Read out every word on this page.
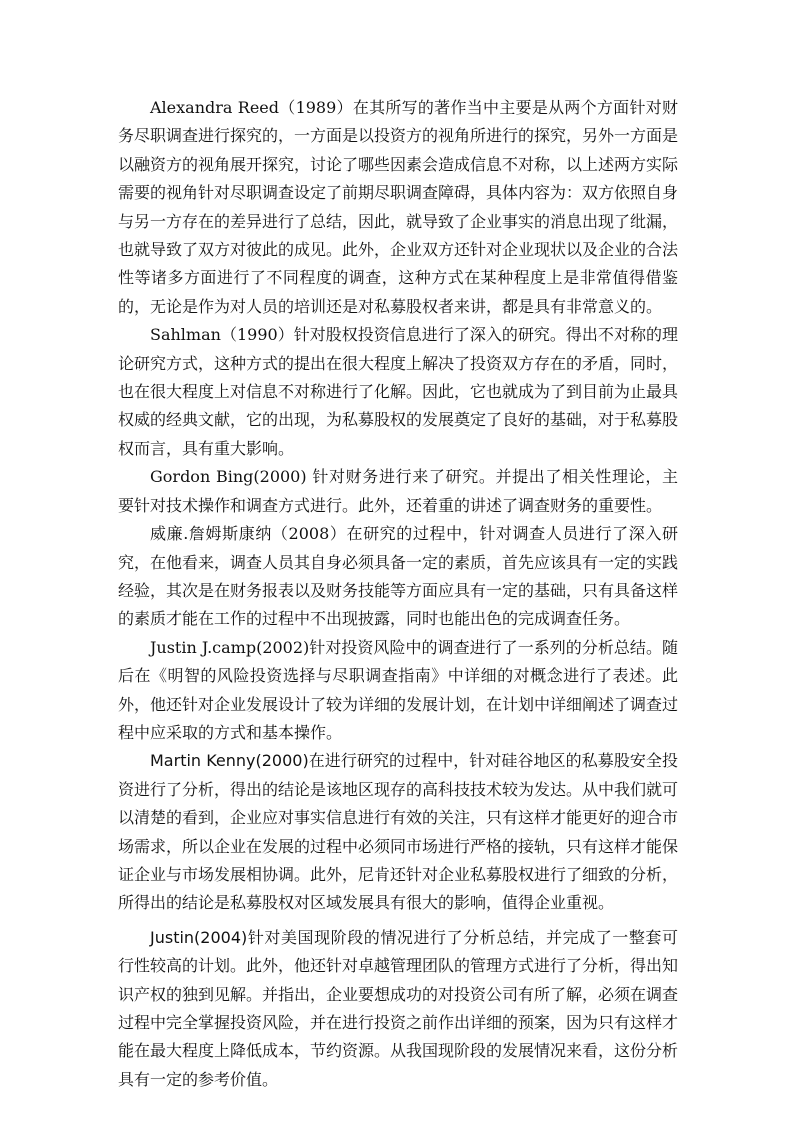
Alexandra Reed（1989）在其所写的著作当中主要是从两个方面针对财务尽职调查进行探究的，一方面是以投资方的视角所进行的探究，另外一方面是以融资方的视角展开探究，讨论了哪些因素会造成信息不对称，以上述两方实际需要的视角针对尽职调查设定了前期尽职调查障碍，具体内容为：双方依照自身与另一方存在的差异进行了总结，因此，就导致了企业事实的消息出现了纰漏，也就导致了双方对彼此的成见。此外，企业双方还针对企业现状以及企业的合法性等诸多方面进行了不同程度的调查，这种方式在某种程度上是非常值得借鉴的，无论是作为对人员的培训还是对私募股权者来讲，都是具有非常意义的。

Sahlman（1990）针对股权投资信息进行了深入的研究。得出不对称的理论研究方式，这种方式的提出在很大程度上解决了投资双方存在的矛盾，同时，也在很大程度上对信息不对称进行了化解。因此，它也就成为了到目前为止最具权威的经典文献，它的出现，为私募股权的发展奠定了良好的基础，对于私募股权而言，具有重大影响。

Gordon Bing(2000) 针对财务进行来了研究。并提出了相关性理论，主要针对技术操作和调查方式进行。此外，还着重的讲述了调查财务的重要性。

威廉.詹姆斯康纳（2008）在研究的过程中，针对调查人员进行了深入研究，在他看来，调查人员其自身必须具备一定的素质，首先应该具有一定的实践经验，其次是在财务报表以及财务技能等方面应具有一定的基础，只有具备这样的素质才能在工作的过程中不出现披露，同时也能出色的完成调查任务。

Justin J.camp(2002)针对投资风险中的调查进行了一系列的分析总结。随后在《明智的风险投资选择与尽职调查指南》中详细的对概念进行了表述。此外，他还针对企业发展设计了较为详细的发展计划，在计划中详细阐述了调查过程中应采取的方式和基本操作。

Martin Kenny(2000)在进行研究的过程中，针对硅谷地区的私募股安全投资进行了分析，得出的结论是该地区现存的高科技技术较为发达。从中我们就可以清楚的看到，企业应对事实信息进行有效的关注，只有这样才能更好的迎合市场需求，所以企业在发展的过程中必须同市场进行严格的接轨，只有这样才能保证企业与市场发展相协调。此外，尼肯还针对企业私募股权进行了细致的分析，所得出的结论是私募股权对区域发展具有很大的影响，值得企业重视。

Justin(2004)针对美国现阶段的情况进行了分析总结，并完成了一整套可行性较高的计划。此外，他还针对卓越管理团队的管理方式进行了分析，得出知识产权的独到见解。并指出，企业要想成功的对投资公司有所了解，必须在调查过程中完全掌握投资风险，并在进行投资之前作出详细的预案，因为只有这样才能在最大程度上降低成本，节约资源。从我国现阶段的发展情况来看，这份分析具有一定的参考价值。
